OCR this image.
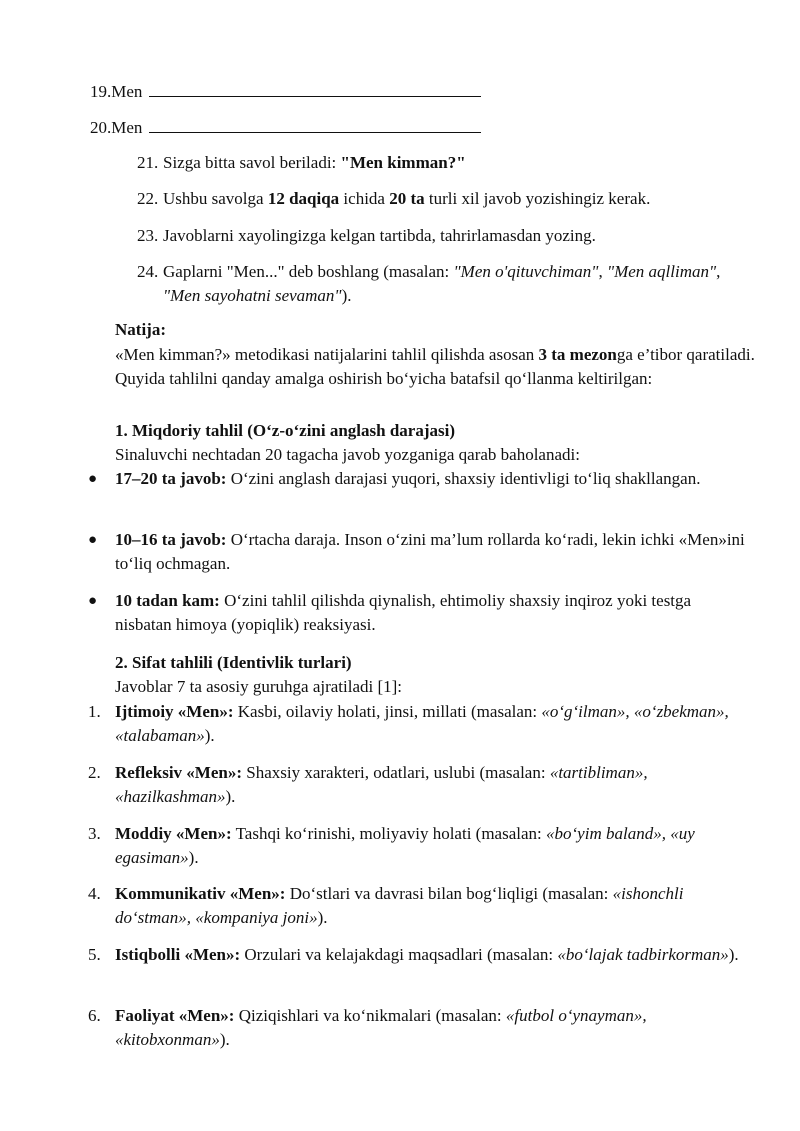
19.Men
20.Men
21. Sizga bitta savol beriladi: "Men kimman?"
22. Ushbu savolga 12 daqiqa ichida 20 ta turli xil javob yozishingiz kerak.
23. Javoblarni xayolingizga kelgan tartibda, tahrirlamasdan yozing.
24. Gaplarni "Men..." deb boshlang (masalan: "Men o'qituvchiman", "Men aqlliman", "Men sayohatni sevaman").
Natija:
«Men kimman?» metodikasi natijalarini tahlil qilishda asosan 3 ta mezonga e’tibor qaratiladi. Quyida tahlilni qanday amalga oshirish bo‘yicha batafsil qo‘llanma keltirilgan:
1. Miqdoriy tahlil (O‘z-o‘zini anglash darajasi)
Sinaluvchi nechtadan 20 tagacha javob yozganiga qarab baholanadi:
●	17–20 ta javob: O‘zini anglash darajasi yuqori, shaxsiy identivligi to‘liq shakllangan.
●	10–16 ta javob: O‘rtacha daraja. Inson o‘zini ma’lum rollarda ko‘radi, lekin ichki «Men»ini to‘liq ochmagan.
●	10 tadan kam: O‘zini tahlil qilishda qiynalish, ehtimoliy shaxsiy inqiroz yoki testga nisbatan himoya (yopiqlik) reaksiyasi.
2. Sifat tahlili (Identivlik turlari)
Javoblar 7 ta asosiy guruhga ajratiladi [1]:
1. Ijtimoiy «Men»: Kasbi, oilaviy holati, jinsi, millati (masalan: «o‘g‘ilman», «o‘zbekman», «talabaman»).
2. Refleksiv «Men»: Shaxsiy xarakteri, odatlari, uslubi (masalan: «tartibliman», «hazilkashman»).
3. Moddiy «Men»: Tashqi ko‘rinishi, moliyaviy holati (masalan: «bo‘yim baland», «uy egasiman»).
4. Kommunikativ «Men»: Do‘stlari va davrasi bilan bog‘liqligi (masalan: «ishonchli do‘stman», «kompaniya joni»).
5. Istiqbolli «Men»: Orzulari va kelajakdagi maqsadlari (masalan: «bo‘lajak tadbirkorman»).
6. Faoliyat «Men»: Qiziqishlari va ko‘nikmalari (masalan: «futbol o‘ynayman», «kitobxonman»).
